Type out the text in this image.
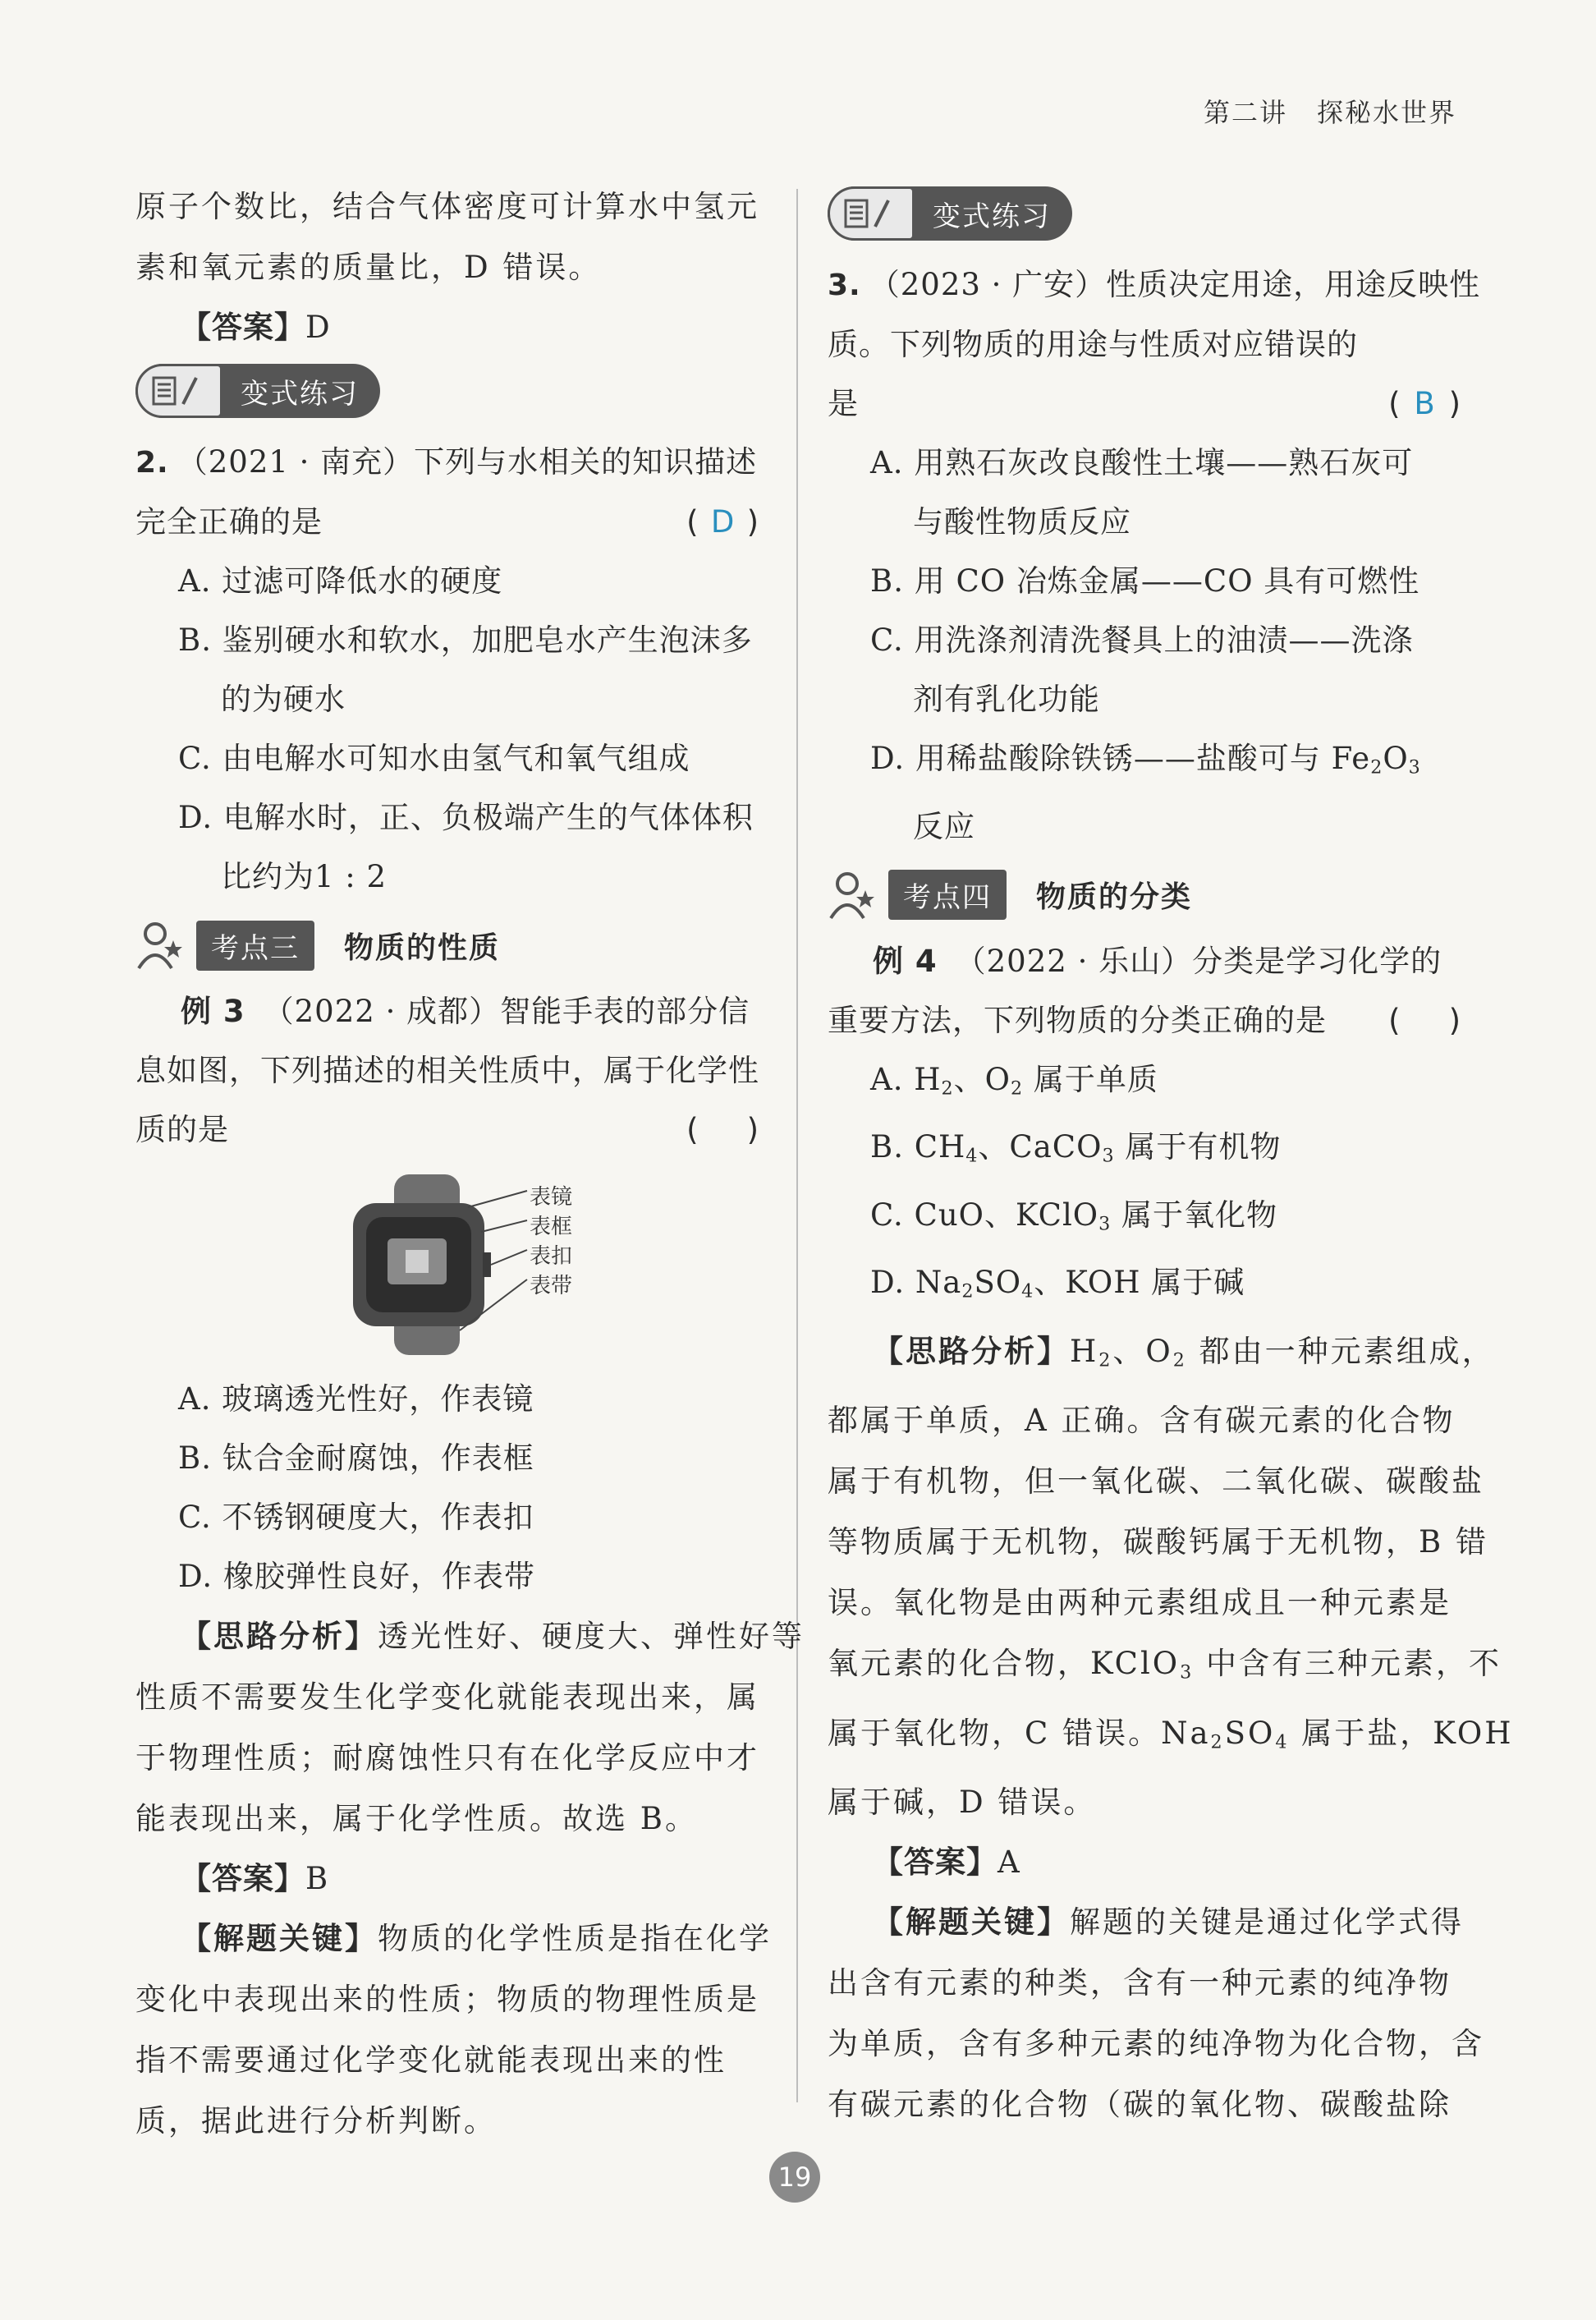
第二讲 探秘水世界

原子个数比，结合气体密度可计算水中氢元

素和氧元素的质量比，D 错误。

【答案】D

变式练习

2. （2021 · 南充）下列与水相关的知识描述

完全正确的是	( D )

A. 过滤可降低水的硬度

B. 鉴别硬水和软水，加肥皂水产生泡沫多

的为硬水

C. 由电解水可知水由氢气和氧气组成

D. 电解水时，正、负极端产生的气体体积

比约为1 : 2

考点三	物质的性质

例 3 （2022 · 成都）智能手表的部分信

息如图，下列描述的相关性质中，属于化学性

质的是	( )

表镜
表框
表扣
表带

A. 玻璃透光性好，作表镜

B. 钛合金耐腐蚀，作表框

C. 不锈钢硬度大，作表扣

D. 橡胶弹性良好，作表带

【思路分析】透光性好、硬度大、弹性好等

性质不需要发生化学变化就能表现出来，属

于物理性质；耐腐蚀性只有在化学反应中才

能表现出来，属于化学性质。故选 B。

【答案】B

【解题关键】物质的化学性质是指在化学

变化中表现出来的性质；物质的物理性质是

指不需要通过化学变化就能表现出来的性

质，据此进行分析判断。

变式练习

3. （2023 · 广安）性质决定用途，用途反映性

质。下列物质的用途与性质对应错误的

是	( B )

A. 用熟石灰改良酸性土壤——熟石灰可

与酸性物质反应

B. 用 CO 冶炼金属——CO 具有可燃性

C. 用洗涤剂清洗餐具上的油渍——洗涤

剂有乳化功能

D. 用稀盐酸除铁锈——盐酸可与 $Fe_2O_3$

反应

考点四	物质的分类

例 4 （2022 · 乐山）分类是学习化学的

重要方法，下列物质的分类正确的是 ( )

A. $H_2$、$O_2$ 属于单质

B. $CH_4$、CaCO$_3$ 属于有机物

C. CuO、KClO$_3$ 属于氧化物

D. $Na_2SO_4$、KOH 属于碱

【思路分析】$H_2$、$O_2$ 都由一种元素组成，

都属于单质，A 正确。含有碳元素的化合物

属于有机物，但一氧化碳、二氧化碳、碳酸盐

等物质属于无机物，碳酸钙属于无机物，B 错

误。氧化物是由两种元素组成且一种元素是

氧元素的化合物，KClO$_3$ 中含有三种元素，不

属于氧化物，C 错误。$Na_2SO_4$ 属于盐，KOH

属于碱，D 错误。

【答案】A

【解题关键】解题的关键是通过化学式得

出含有元素的种类，含有一种元素的纯净物

为单质，含有多种元素的纯净物为化合物，含

有碳元素的化合物（碳的氧化物、碳酸盐除

19
